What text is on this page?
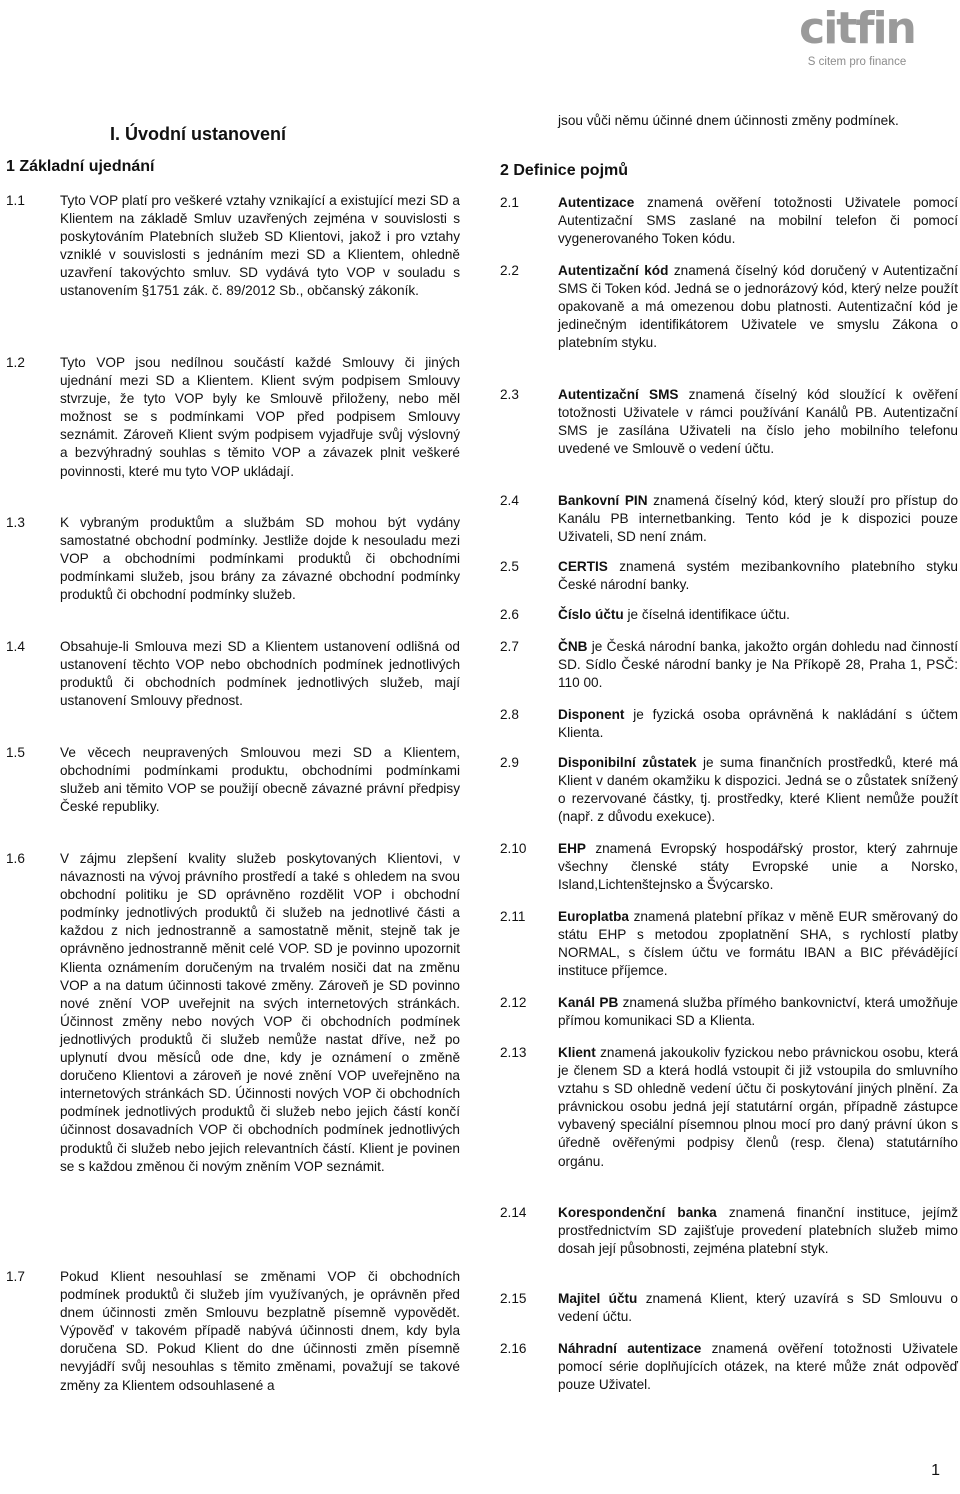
citfin
S citem pro finance
I. Úvodní ustanovení
1 Základní ujednání
1.1	Tyto VOP platí pro veškeré vztahy vznikající a existující mezi SD a Klientem na základě Smluv uzavřených zejména v souvislosti s poskytováním Platebních služeb SD Klientovi, jakož i pro vztahy vzniklé v souvislosti s jednáním mezi SD a Klientem, ohledně uzavření takovýchto smluv. SD vydává tyto VOP v souladu s ustanovením §1751 zák. č. 89/2012 Sb., občanský zákoník.
1.2	Tyto VOP jsou nedílnou součástí každé Smlouvy či jiných ujednání mezi SD a Klientem. Klient svým podpisem Smlouvy stvrzuje, že tyto VOP byly ke Smlouvě přiloženy, nebo měl možnost se s podmínkami VOP před podpisem Smlouvy seznámit. Zároveň Klient svým podpisem vyjadřuje svůj výslovný a bezvýhradný souhlas s těmito VOP a závazek plnit veškeré povinnosti, které mu tyto VOP ukládají.
1.3	K vybraným produktům a službám SD mohou být vydány samostatné obchodní podmínky. Jestliže dojde k nesouladu mezi VOP a obchodními podmínkami produktů či obchodními podmínkami služeb, jsou brány za závazné obchodní podmínky produktů či obchodní podmínky služeb.
1.4	Obsahuje-li Smlouva mezi SD a Klientem ustanovení odlišná od ustanovení těchto VOP nebo obchodních podmínek jednotlivých produktů či obchodních podmínek jednotlivých služeb, mají ustanovení Smlouvy přednost.
1.5	Ve věcech neupravených Smlouvou mezi SD a Klientem, obchodními podmínkami produktu, obchodními podmínkami služeb ani těmito VOP se použijí obecně závazné právní předpisy České republiky.
1.6	V zájmu zlepšení kvality služeb poskytovaných Klientovi, v návaznosti na vývoj právního prostředí a také s ohledem na svou obchodní politiku je SD oprávněno rozdělit VOP i obchodní podmínky jednotlivých produktů či služeb na jednotlivé části a každou z nich jednostranně a samostatně měnit, stejně tak je oprávněno jednostranně měnit celé VOP. SD je povinno upozornit Klienta oznámením doručeným na trvalém nosiči dat na změnu VOP a na datum účinnosti takové změny. Zároveň je SD povinno nové znění VOP uveřejnit na svých internetových stránkách. Účinnost změny nebo nových VOP či obchodních podmínek jednotlivých produktů či služeb nemůže nastat dříve, než po uplynutí dvou měsíců ode dne, kdy je oznámení o změně doručeno Klientovi a zároveň je nové znění VOP uveřejněno na internetových stránkách SD. Účinnosti nových VOP či obchodních podmínek jednotlivých produktů či služeb nebo jejich částí končí účinnost dosavadních VOP či obchodních podmínek jednotlivých produktů či služeb nebo jejich relevantních částí. Klient je povinen se s každou změnou či novým zněním VOP seznámit.
1.7	Pokud Klient nesouhlasí se změnami VOP či obchodních podmínek produktů či služeb jím využívaných, je oprávněn před dnem účinnosti změn Smlouvu bezplatně písemně vypovědět. Výpověď v takovém případě nabývá účinnosti dnem, kdy byla doručena SD. Pokud Klient do dne účinnosti změn písemně nevyjádří svůj nesouhlas s těmito změnami, považují se takové změny za Klientem odsouhlasené a
jsou vůči němu účinné dnem účinnosti změny podmínek.
2 Definice pojmů
2.1	Autentizace znamená ověření totožnosti Uživatele pomocí Autentizační SMS zaslané na mobilní telefon či pomocí vygenerovaného Token kódu.
2.2	Autentizační kód znamená číselný kód doručený v Autentizační SMS či Token kód. Jedná se o jednorázový kód, který nelze použít opakovaně a má omezenou dobu platnosti. Autentizační kód je jedinečným identifikátorem Uživatele ve smyslu Zákona o platebním styku.
2.3	Autentizační SMS znamená číselný kód sloužící k ověření totožnosti Uživatele v rámci používání Kanálů PB. Autentizační SMS je zasílána Uživateli na číslo jeho mobilního telefonu uvedené ve Smlouvě o vedení účtu.
2.4	Bankovní PIN znamená číselný kód, který slouží pro přístup do Kanálu PB internetbanking. Tento kód je k dispozici pouze Uživateli, SD není znám.
2.5	CERTIS znamená systém mezibankovního platebního styku České národní banky.
2.6	Číslo účtu je číselná identifikace účtu.
2.7	ČNB je Česká národní banka, jakožto orgán dohledu nad činností SD. Sídlo České národní banky je Na Příkopě 28, Praha 1, PSČ: 110 00.
2.8	Disponent je fyzická osoba oprávněná k nakládání s účtem Klienta.
2.9	Disponibilní zůstatek je suma finančních prostředků, které má Klient v daném okamžiku k dispozici. Jedná se o zůstatek snížený o rezervované částky, tj. prostředky, které Klient nemůže použít (např. z důvodu exekuce).
2.10 EHP znamená Evropský hospodářský prostor, který zahrnuje všechny členské státy Evropské unie a Norsko, Island,Lichtenštejnsko a Švýcarsko.
2.11 Europlatba znamená platební příkaz v měně EUR směrovaný do státu EHP s metodou zpoplatnění SHA, s rychlostí platby NORMAL, s číslem účtu ve formátu IBAN a BIC přévádějící instituce příjemce.
2.12 Kanál PB znamená služba přímého bankovnictví, která umožňuje přímou komunikaci SD a Klienta.
2.13 Klient znamená jakoukoliv fyzickou nebo právnickou osobu, která je členem SD a která hodlá vstoupit či již vstoupila do smluvního vztahu s SD ohledně vedení účtu či poskytování jiných plnění. Za právnickou osobu jedná její statutární orgán, případně zástupce vybavený speciální písemnou plnou mocí pro daný právní úkon s úředně ověřenými podpisy členů (resp. člena) statutárního orgánu.
2.14 Korespondenční banka znamená finanční instituce, jejímž prostřednictvím SD zajišťuje provedení platebních služeb mimo dosah její působnosti, zejména platební styk.
2.15 Majitel účtu znamená Klient, který uzavírá s SD Smlouvu o vedení účtu.
2.16 Náhradní autentizace znamená ověření totožnosti Uživatele pomocí série doplňujících otázek, na které může znát odpověď pouze Uživatel.
1
